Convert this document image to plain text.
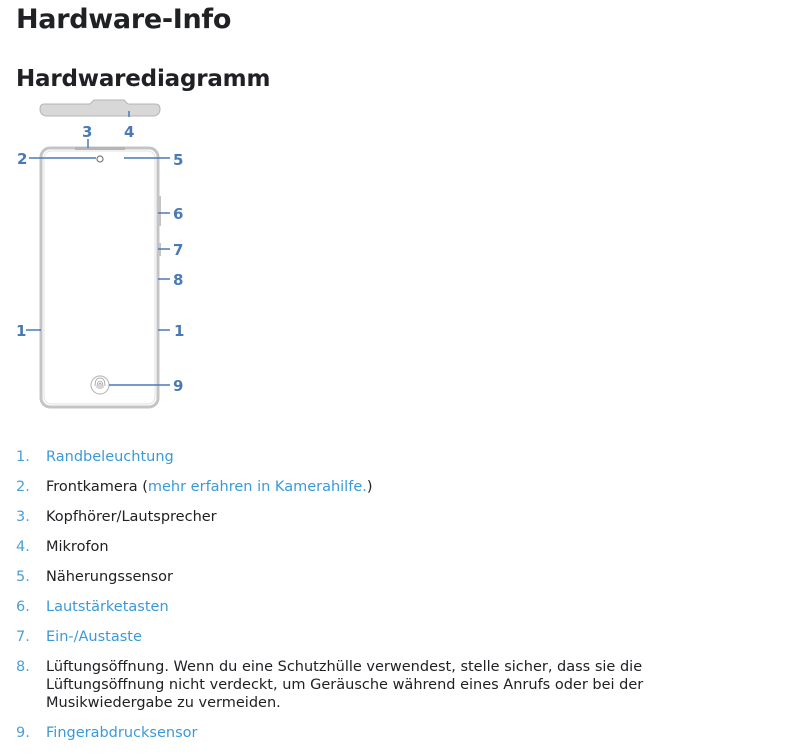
Hardware-Info
Hardwarediagramm
3 4
2	5
6
7
8
1	1
9
1. Randbeleuchtung
2. Frontkamera (mehr erfahren in Kamerahilfe.)
3. Kopfhörer/Lautsprecher
4. Mikrofon
5. Näherungssensor
6. Lautstärketasten
7. Ein-/Austaste
8. Lüftungsöffnung. Wenn du eine Schutzhülle verwendest, stelle sicher, dass sie die Lüftungsöffnung nicht verdeckt, um Geräusche während eines Anrufs oder bei der Musikwiedergabe zu vermeiden.
9. Fingerabdrucksensor
